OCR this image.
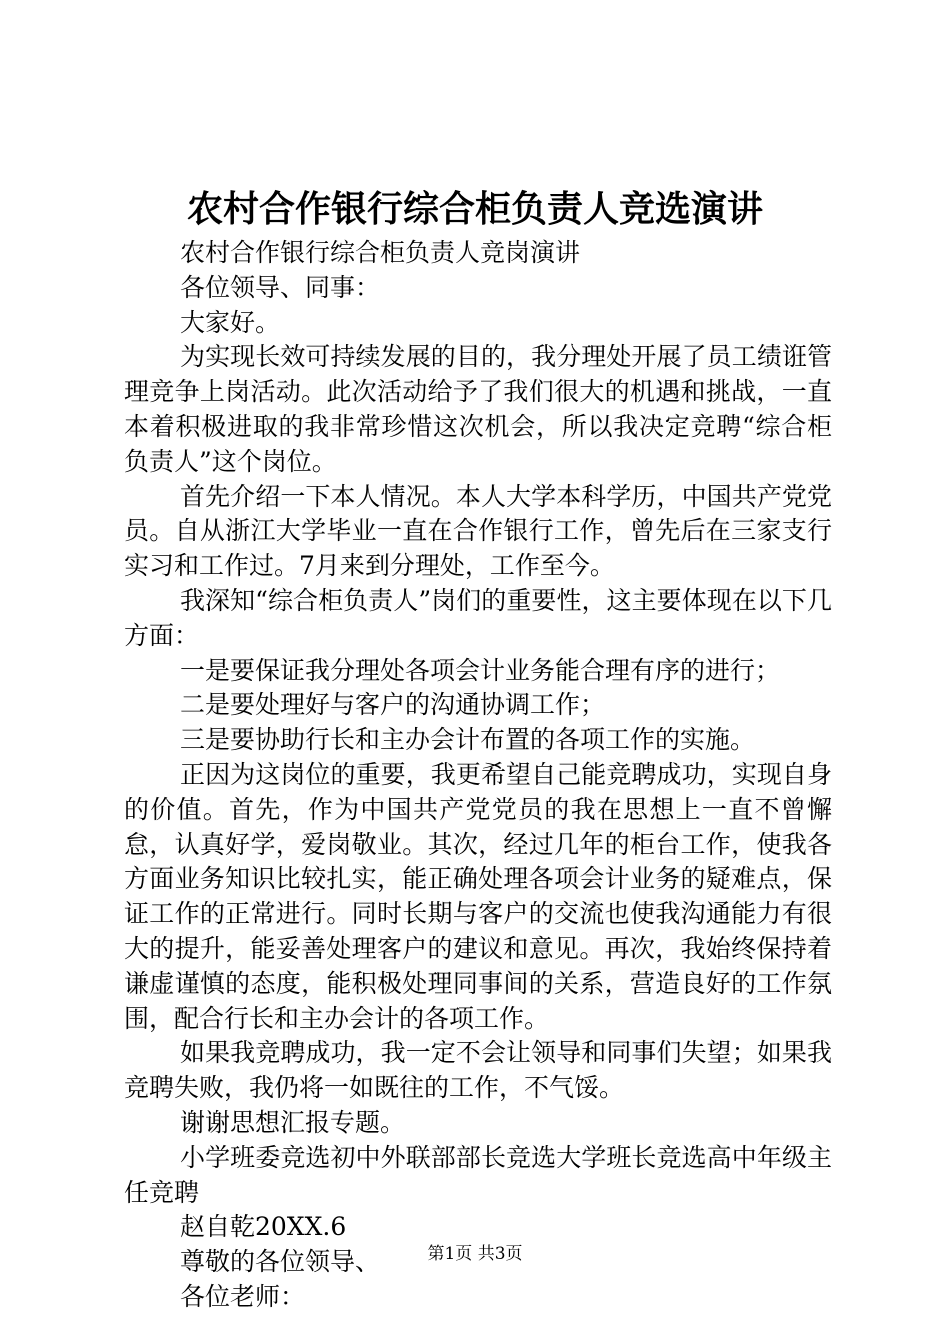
农村合作银行综合柜负责人竞选演讲

农村合作银行综合柜负责人竞岗演讲

各位领导、同事：

大家好。

为实现长效可持续发展的目的，我分理处开展了员工绩诳管理竞争上岗活动。此次活动给予了我们很大的机遇和挑战，一直本着积极进取的我非常珍惜这次机会，所以我决定竞聘“综合柜负责人”这个岗位。

首先介绍一下本人情况。本人大学本科学历，中国共产党党员。自从浙江大学毕业一直在合作银行工作，曾先后在三家支行实习和工作过。7月来到分理处，工作至今。

我深知“综合柜负责人”岗们的重要性，这主要体现在以下几方面：

一是要保证我分理处各项会计业务能合理有序的进行；

二是要处理好与客户的沟通协调工作；

三是要协助行长和主办会计布置的各项工作的实施。

正因为这岗位的重要，我更希望自己能竞聘成功，实现自身的价值。首先，作为中国共产党党员的我在思想上一直不曾懈怠，认真好学，爱岗敬业。其次，经过几年的柜台工作，使我各方面业务知识比较扎实，能正确处理各项会计业务的疑难点，保证工作的正常进行。同时长期与客户的交流也使我沟通能力有很大的提升，能妥善处理客户的建议和意见。再次，我始终保持着谦虚谨慎的态度，能积极处理同事间的关系，营造良好的工作氛围，配合行长和主办会计的各项工作。

如果我竞聘成功，我一定不会让领导和同事们失望；如果我竞聘失败，我仍将一如既往的工作，不气馁。

谢谢思想汇报专题。

小学班委竞选初中外联部部长竞选大学班长竞选高中年级主任竞聘

赵自乾20XX.6

尊敬的各位领导、

各位老师：

第1页 共3页
